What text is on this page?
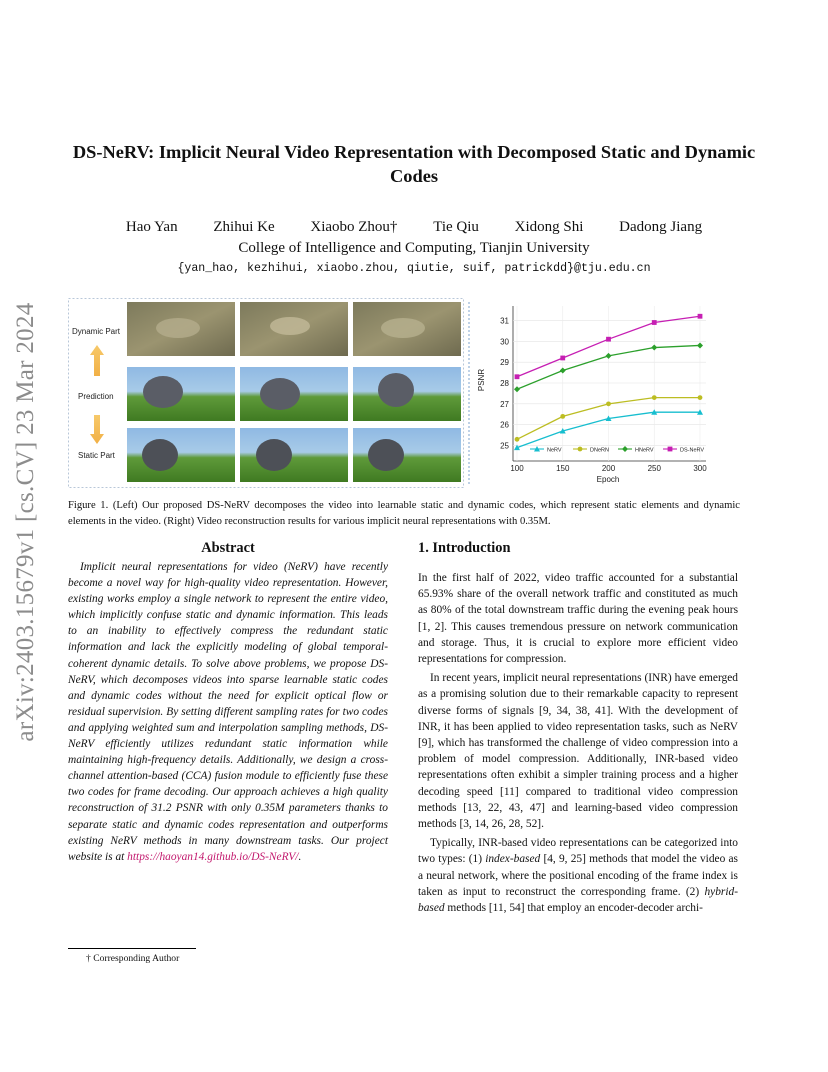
arXiv:2403.15679v1 [cs.CV] 23 Mar 2024
DS-NeRV: Implicit Neural Video Representation with Decomposed Static and Dynamic Codes
Hao Yan Zhihui Ke Xiaobo Zhou† Tie Qiu Xidong Shi Dadong Jiang
College of Intelligence and Computing, Tianjin University
{yan_hao, kezhihui, xiaobo.zhou, qiutie, suif, patrickdd}@tju.edu.cn
Dynamic Part
Prediction
Static Part
25
26
27
28
29
30
31
100	150	200	250	300
PSNR
Epoch
NeRV	DNeRN	HNeRV	DS-NeRV
Figure 1. (Left) Our proposed DS-NeRV decomposes the video into learnable static and dynamic codes, which represent static elements and dynamic elements in the video. (Right) Video reconstruction results for various implicit neural representations with 0.35M.
Abstract
Implicit neural representations for video (NeRV) have recently become a novel way for high-quality video representation. However, existing works employ a single network to represent the entire video, which implicitly confuse static and dynamic information. This leads to an inability to effectively compress the redundant static information and lack the explicitly modeling of global temporal-coherent dynamic details. To solve above problems, we propose DS-NeRV, which decomposes videos into sparse learnable static codes and dynamic codes without the need for explicit optical flow or residual supervision. By setting different sampling rates for two codes and applying weighted sum and interpolation sampling methods, DS-NeRV efficiently utilizes redundant static information while maintaining high-frequency details. Additionally, we design a cross-channel attention-based (CCA) fusion module to efficiently fuse these two codes for frame decoding. Our approach achieves a high quality reconstruction of 31.2 PSNR with only 0.35M parameters thanks to separate static and dynamic codes representation and outperforms existing NeRV methods in many downstream tasks. Our project website is at https://haoyan14.github.io/DS-NeRV/.
† Corresponding Author
1. Introduction

In the first half of 2022, video traffic accounted for a substantial 65.93% share of the overall network traffic and constituted as much as 80% of the total downstream traffic during the evening peak hours [1, 2]. This causes tremendous pressure on network communication and storage. Thus, it is crucial to explore more efficient video representations for compression.

In recent years, implicit neural representations (INR) have emerged as a promising solution due to their remarkable capacity to represent diverse forms of signals [9, 34, 38, 41]. With the development of INR, it has been applied to video representation tasks, such as NeRV [9], which has transformed the challenge of video compression into a problem of model compression. Additionally, INR-based video representations often exhibit a simpler training process and a higher decoding speed [11] compared to traditional video compression methods [13, 22, 43, 47] and learning-based video compression methods [3, 14, 26, 28, 52].

Typically, INR-based video representations can be categorized into two types: (1) index-based [4, 9, 25] methods that model the video as a neural network, where the positional encoding of the frame index is taken as input to reconstruct the corresponding frame. (2) hybrid-based methods [11, 54] that employ an encoder-decoder archi-
